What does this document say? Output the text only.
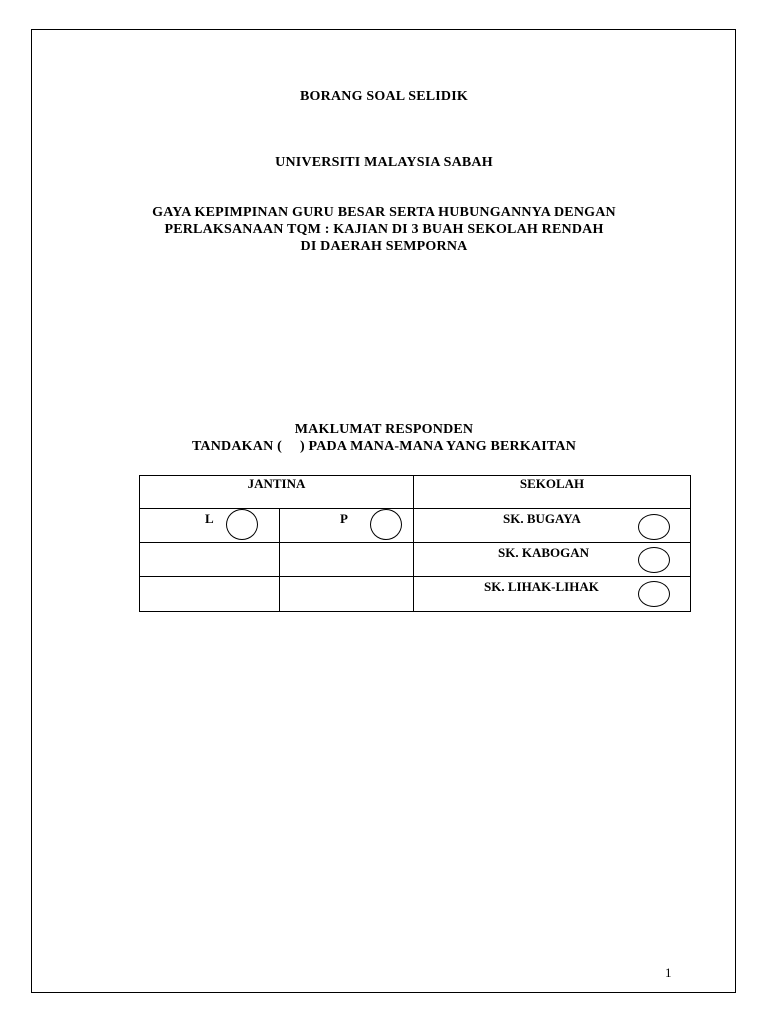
BORANG SOAL SELIDIK
UNIVERSITI MALAYSIA SABAH
GAYA KEPIMPINAN GURU BESAR SERTA HUBUNGANNYA DENGAN
PERLAKSANAAN TQM : KAJIAN DI 3 BUAH SEKOLAH RENDAH
DI DAERAH SEMPORNA
MAKLUMAT RESPONDEN
TANDAKAN ( ) PADA MANA-MANA YANG BERKAITAN
JANTINA		SEKOLAH

L	P	SK. BUGAYA

		SK. KABOGAN

		SK. LIHAK-LIHAK
1
